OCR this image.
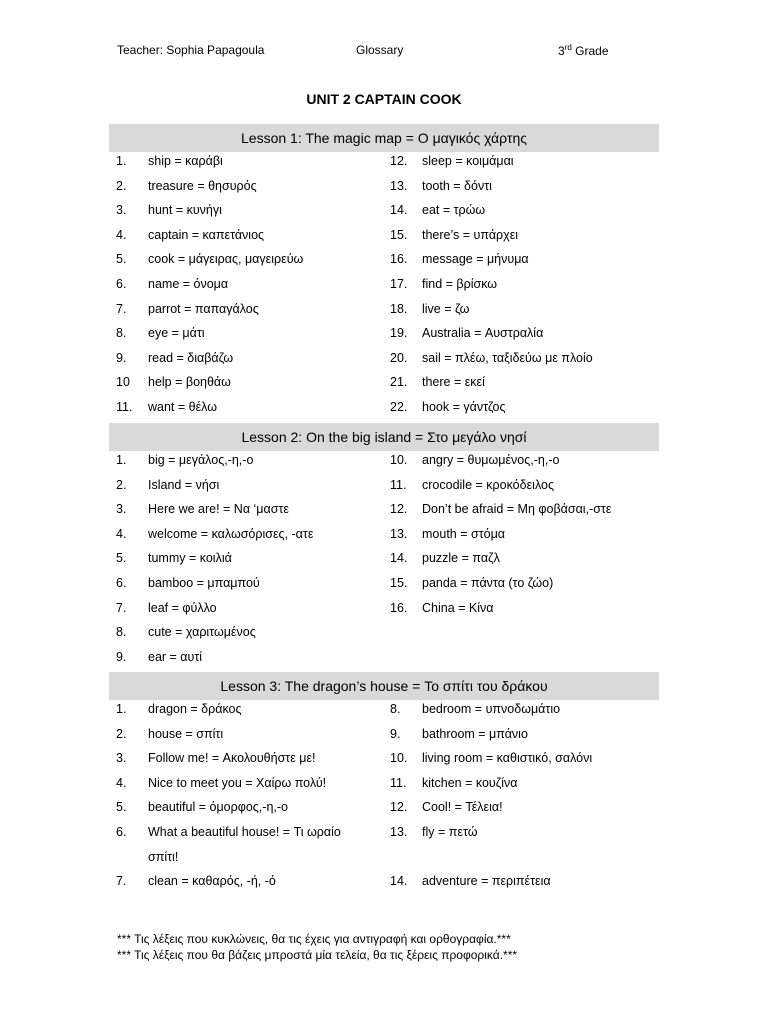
Teacher: Sophia Papagoula	Glossary	3rd Grade
UNIT 2 CAPTAIN COOK
Lesson 1: The magic map = Ο μαγικός χάρτης
1. ship = καράβι
2. treasure = θησυρός
3. hunt = κυνήγι
4. captain = καπετάνιος
5. cook = μάγειρας, μαγειρεύω
6. name = όνομα
7. parrot = παπαγάλος
8. eye = μάτι
9. read = διαβάζω
10 help = βοηθάω
11. want = θέλω
12. sleep = κοιμάμαι
13. tooth = δόντι
14. eat = τρώω
15. there’s = υπάρχει
16. message = μήνυμα
17. find = βρίσκω
18. live = ζω
19. Australia = Αυστραλία
20. sail = πλέω, ταξιδεύω με πλοίο
21. there = εκεί
22. hook = γάντζος
Lesson 2: On the big island = Στο μεγάλο νησί
1. big = μεγάλος,-η,-ο
2. Island = νήσι
3. Here we are! = Να ‘μαστε
4. welcome = καλωσόρισες, -ατε
5. tummy = κοιλιά
6. bamboo = μπαμπού
7. leaf = φύλλο
8. cute = χαριτωμένος
9. ear = αυτί
10. angry = θυμωμένος,-η,-ο
11. crocodile = κροκόδειλος
12. Don’t be afraid = Μη φοβάσαι,-στε
13. mouth = στόμα
14. puzzle = παζλ
15. panda = πάντα (το ζώο)
16. China = Κίνα
Lesson 3: The dragon’s house = Το σπίτι του δράκου
1. dragon = δράκος
2. house = σπίτι
3. Follow me! = Ακολουθήστε με!
4. Nice to meet you = Χαίρω πολύ!
5. beautiful = όμορφος,-η,-ο
6. What a beautiful house! = Τι ωραίο
σπίτι!
7. clean = καθαρός, -ή, -ό
8. bedroom = υπνοδωμάτιο
9. bathroom = μπάνιο
10. living room = καθιστικό, σαλόνι
11. kitchen = κουζίνα
12. Cool! = Τέλεια!
13. fly = πετώ
14. adventure = περιπέτεια
*** Τις λέξεις που κυκλώνεις, θα τις έχεις για αντιγραφή και ορθογραφία.***
*** Τις λέξεις που θα βάζεις μπροστά μία τελεία, θα τις ξέρεις προφορικά.***
